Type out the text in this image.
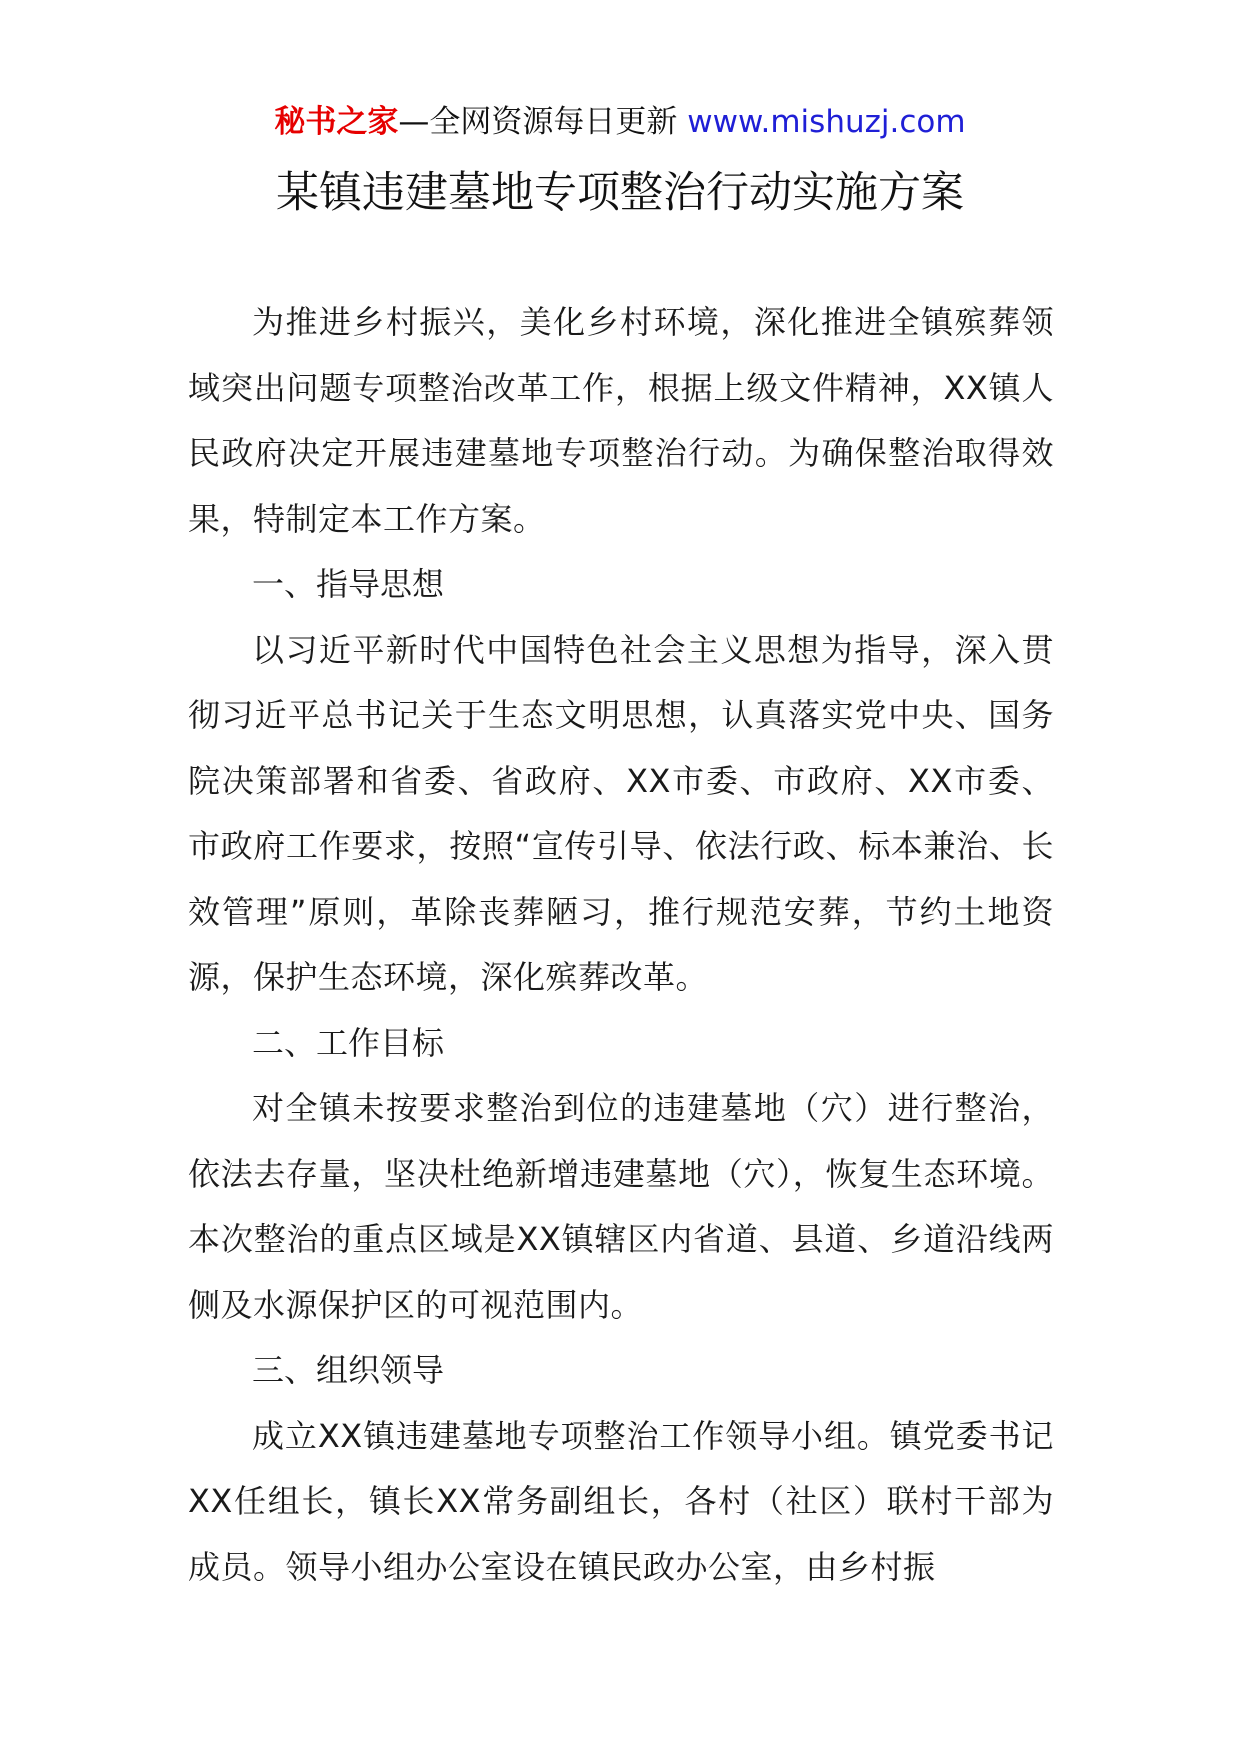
秘书之家—全网资源每日更新 www.mishuzj.com
某镇违建墓地专项整治行动实施方案

为推进乡村振兴，美化乡村环境，深化推进全镇殡葬领域突出问题专项整治改革工作，根据上级文件精神，XX镇人民政府决定开展违建墓地专项整治行动。为确保整治取得效果，特制定本工作方案。

一、指导思想

以习近平新时代中国特色社会主义思想为指导，深入贯彻习近平总书记关于生态文明思想，认真落实党中央、国务院决策部署和省委、省政府、XX市委、市政府、XX市委、市政府工作要求，按照“宣传引导、依法行政、标本兼治、长效管理”原则，革除丧葬陋习，推行规范安葬，节约土地资源，保护生态环境，深化殡葬改革。

二、工作目标

对全镇未按要求整治到位的违建墓地（穴）进行整治，依法去存量，坚决杜绝新增违建墓地（穴），恢复生态环境。本次整治的重点区域是XX镇辖区内省道、县道、乡道沿线两侧及水源保护区的可视范围内。

三、组织领导

成立XX镇违建墓地专项整治工作领导小组。镇党委书记XX任组长，镇长XX常务副组长，各村（社区）联村干部为成员。领导小组办公室设在镇民政办公室，由乡村振
